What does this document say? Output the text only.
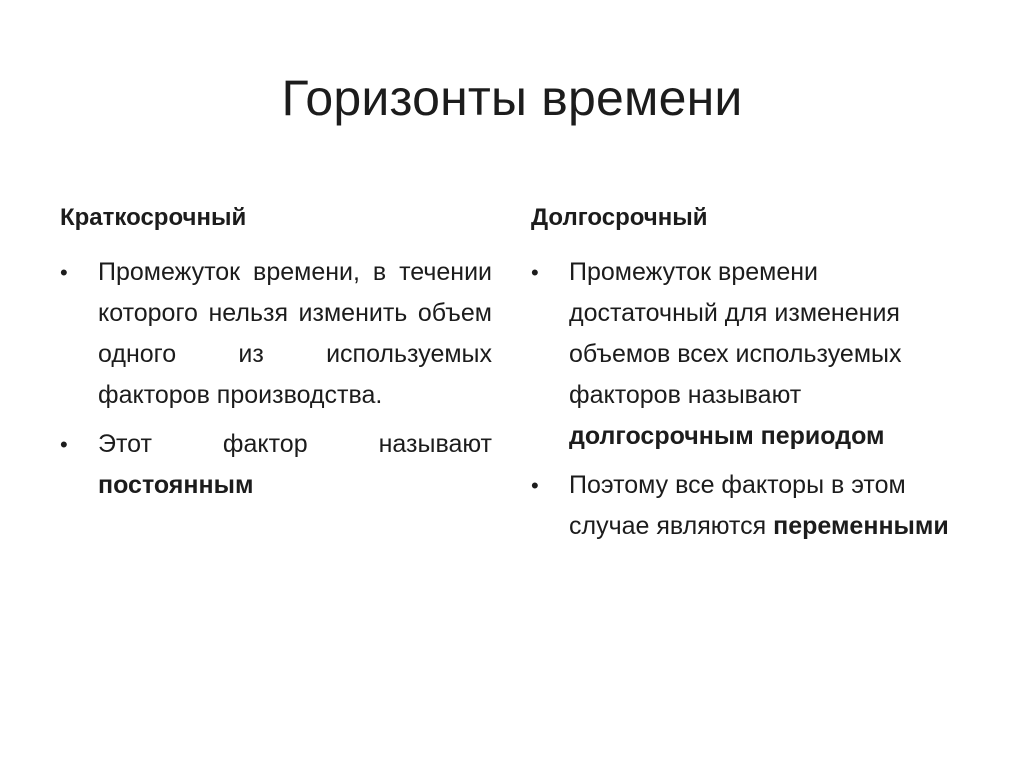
Горизонты времени
Краткосрочный
• Промежуток времени, в течении которого нельзя изменить объем одного из используемых факторов производства.
• Этот фактор называют постоянным
Долгосрочный
• Промежуток времени достаточный для изменения объемов всех используемых факторов называют долгосрочным периодом
• Поэтому все факторы в этом случае являются переменными
